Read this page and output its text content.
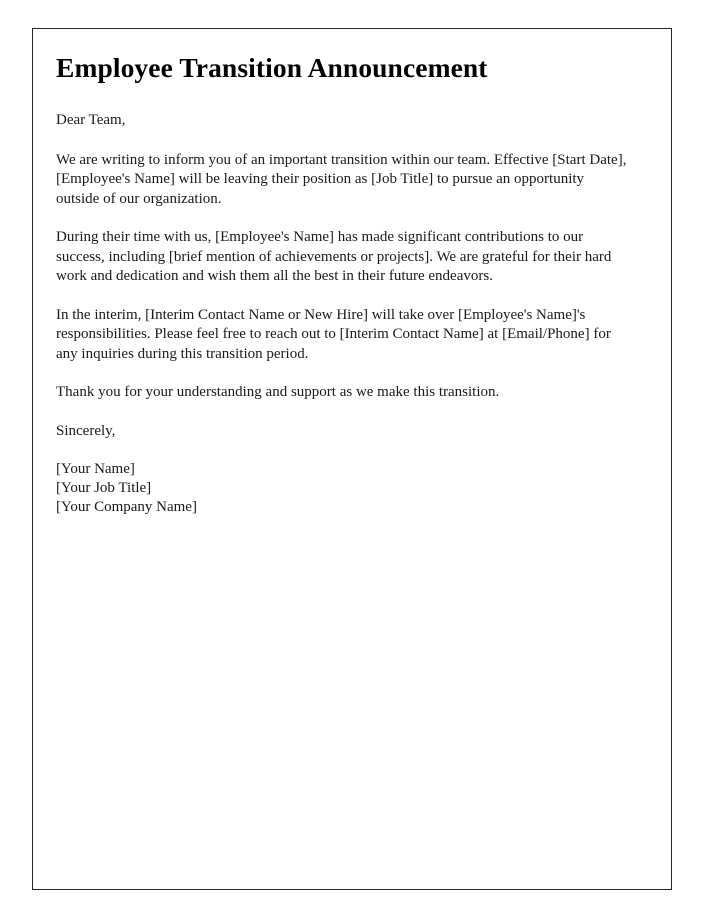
Employee Transition Announcement

Dear Team,

We are writing to inform you of an important transition within our team. Effective [Start Date], [Employee's Name] will be leaving their position as [Job Title] to pursue an opportunity outside of our organization.

During their time with us, [Employee's Name] has made significant contributions to our success, including [brief mention of achievements or projects]. We are grateful for their hard work and dedication and wish them all the best in their future endeavors.

In the interim, [Interim Contact Name or New Hire] will take over [Employee's Name]'s responsibilities. Please feel free to reach out to [Interim Contact Name] at [Email/Phone] for any inquiries during this transition period.

Thank you for your understanding and support as we make this transition.

Sincerely,

[Your Name]
[Your Job Title]
[Your Company Name]
